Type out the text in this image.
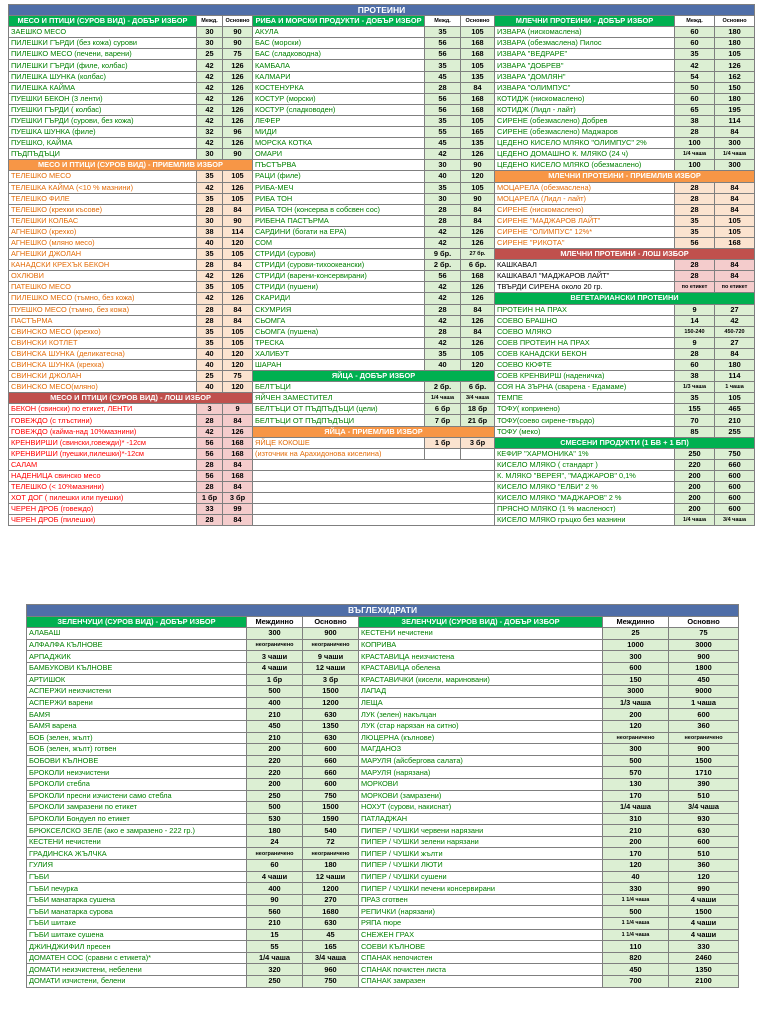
ПРОТЕИНИ								
МЕСО И ПТИЦИ (СУРОВ ВИД) - ДОБЪР ИЗБОР	Межд.	Основно	РИБА И МОРСКИ ПРОДУКТИ - ДОБЪР ИЗБОР	Межд.	Основно	МЛЕЧНИ ПРОТЕИНИ - ДОБЪР ИЗБОР	Межд.	Основно
ЗАЕШКО МЕСО	30	90	АКУЛА	35	105	ИЗВАРА (нискомаслена)	60	180
ПИЛЕШКИ ГЪРДИ (без кожа) сурови	30	90	БАС (морски)	56	168	ИЗВАРА (обезмаслена) Пилос	60	180
ПИЛЕШКО МЕСО (печени, варени)	25	75	БАС (сладководна)	56	168	ИЗВАРА "ВЕДРАРЕ"	35	105
ПИЛЕШКИ ГЪРДИ (филе, колбас)	42	126	КАМБАЛА	35	105	ИЗВАРА "ДОБРЕВ"	42	126
ПИЛЕШКА ШУНКА (колбас)	42	126	КАЛМАРИ	45	135	ИЗВАРА "ДОМЛЯН"	54	162
ПИЛЕШКА КАЙМА	42	126	КОСТЕНУРКА	28	84	ИЗВАРА "ОЛИМПУС"	50	150
ПУЕШКИ БЕКОН (3 ленти)	42	126	КОСТУР (морски)	56	168	КОТИДЖ (нискомаслено)	60	180
ПУЕШКИ ГЪРДИ ( колбас)	42	126	КОСТУР (сладководен)	56	168	КОТИДЖ (Лидл - лайт)	65	195
ПУЕШКИ ГЪРДИ (сурови, без кожа)	42	126	ЛЕФЕР	35	105	СИРЕНЕ (обезмаслено) Добрев	38	114
ПУЕШКА ШУНКА (филе)	32	96	МИДИ	55	165	СИРЕНЕ (обезмаслено) Маджаров	28	84
ПУЕШКО, КАЙМА	42	126	МОРСКА КОТКА	45	135	ЦЕДЕНО КИСЕЛО МЛЯКО "ОЛИМПУС" 2%	100	300
ПЪДПЪДЪЦИ	30	90	ОМАРИ	42	126	ЦЕДЕНО ДОМАШНО К. МЛЯКО (24 ч)	1/4 чаша	1/4 чаша
МЕСО И ПТИЦИ (СУРОВ ВИД) - ПРИЕМЛИВ ИЗБОР			ПЪСТЪРВА	30	90	ЦЕДЕНО КИСЕЛО МЛЯКО (обезмаслено)	100	300
ТЕЛЕШКО МЕСО	35	105	РАЦИ (филе)	40	120	МЛЕЧНИ ПРОТЕИНИ - ПРИЕМЛИВ ИЗБОР		
ТЕЛЕШКА КАЙМА (<10 % мазнини)	42	126	РИБА-МЕЧ	35	105	МОЦАРЕЛА (обезмаслена)	28	84
ТЕЛЕШКО ФИЛЕ	35	105	РИБА ТОН	30	90	МОЦАРЕЛА (Лидл - лайт)	28	84
ТЕЛЕШКО (крехки късове)	28	84	РИБА ТОН (консерва в собсвен сос)	28	84	СИРЕНЕ (нискомаслено)	28	84
ТЕЛЕШКИ КОЛБАС	30	90	РИБЕНА ПАСТЪРМА	28	84	СИРЕНЕ "МАДЖАРОВ ЛАЙТ"	35	105
АГНЕШКО (крехко)	38	114	САРДИНИ (богати на ЕРА)	42	126	СИРЕНЕ "ОЛИМПУС" 12%*	35	105
АГНЕШКО (мляно месо)	40	120	СОМ	42	126	СИРЕНЕ "РИКОТА"	56	168
АГНЕШКИ ДЖОЛАН	35	105	СТРИДИ (сурови)	9 бр.	27 бр.	МЛЕЧНИ ПРОТЕИНИ - ЛОШ ИЗБОР		
КАНАДСКИ КРЕХЪК БЕКОН	28	84	СТРИДИ (сурови-тихоокеански)	2 бр.	6 бр.	КАШКАВАЛ	28	84
ОХЛЮВИ	42	126	СТРИДИ (варени-консервирани)	56	168	КАШКАВАЛ "МАДЖАРОВ ЛАЙТ"	28	84
ПАТЕШКО МЕСО	35	105	СТРИДИ (пушени)	42	126	ТВЪРДИ СИРЕНА около 20 гр.	по етикет	по етикет
ПИЛЕШКО МЕСО (тъмно, без кожа)	42	126	СКАРИДИ	42	126	ВЕГЕТАРИАНСКИ ПРОТЕИНИ		
ПУЕШКО МЕСО (тъмно, без кожа)	28	84	СКУМРИЯ	28	84	ПРОТЕИН НА ПРАХ	9	27
ПАСТЪРМА	28	84	СЬОМГА	42	126	СОЕВО БРАШНО	14	42
СВИНСКО МЕСО (крехко)	35	105	СЬОМГА (пушена)	28	84	СОЕВО МЛЯКО	150-240	450-720
СВИНСКИ КОТЛЕТ	35	105	ТРЕСКА	42	126	СОЕВ ПРОТЕИН НА ПРАХ	9	27
СВИНСКА ШУНКА (деликатесна)	40	120	ХАЛИБУТ	35	105	СОЕВ КАНАДСКИ БЕКОН	28	84
СВИНСКА ШУНКА (крехка)	40	120	ШАРАН	40	120	СОЕВО КЮФТЕ	60	180
СВИНСКИ ДЖОЛАН	25	75	ЯЙЦА - ДОБЪР ИЗБОР			СОЕВ КРЕНВИРШ (наденичка)	38	114
СВИНСКО МЕСО(мляно)	40	120	БЕЛТЪЦИ	2 бр.	6 бр.	СОЯ НА ЗЪРНА (сварена - Едамаме)	1/3 чаша	1 чаша
МЕСО И ПТИЦИ (СУРОВ ВИД) - ЛОШ ИЗБОР			ЯЙЧЕН ЗАМЕСТИТЕЛ	1/4 чаша	3/4 чаша	ТЕМПЕ	35	105
БЕКОН (свински) по етикет, ЛЕНТИ	3	9	БЕЛТЪЦИ ОТ ПЪДПЪДЪЦИ (цели)	6 бр	18 бр	ТОФУ( копринено)	155	465
ГОВЕЖДО (с тлъстини)	28	84	БЕЛТЪЦИ ОТ ПЪДПЪДЪЦИ	7 бр	21 бр	ТОФУ(соево сирене-твърдо)	70	210
ГОВЕЖДО (кайма-над 10%мазнини)	42	126	ЯЙЦА - ПРИЕМЛИВ ИЗБОР			ТОФУ (меко)	85	255
КРЕНВИРШИ (свински,говежди)* -12см	56	168	ЯЙЦЕ КОКОШЕ	1 бр	3 бр	СМЕСЕНИ ПРОДУКТИ (1 БВ + 1 БП)		
КРЕНВИРШИ (пуешки,пилешки)*-12см	56	168	(източник на Арахидонова киселина)			КЕФИР "ХАРМОНИКА" 1%	250	750
САЛАМ	28	84				КИСЕЛО МЛЯКО ( стандарт )	220	660
НАДЕНИЦА свинско месо	56	168				К. МЛЯКО "ВЕРЕЯ", "МАДЖАРОВ" 0,1%	200	600
ТЕЛЕШКО (< 10%мазнини)	28	84				КИСЕЛО МЛЯКО "ЕЛБИ" 2 %	200	600
ХОТ ДОГ ( пилешки или пуешки)	1 бр	3 бр				КИСЕЛО МЛЯКО "МАДЖАРОВ" 2 %	200	600
ЧЕРЕН ДРОБ (говеждо)	33	99				ПРЯСНО МЛЯКО (1 % масленост)	200	600
ЧЕРЕН ДРОБ (пилешки)	28	84				КИСЕЛО МЛЯКО гръцко без мазнини	1/4 чаша	3/4 чаша
ВЪГЛЕХИДРАТИ					
ЗЕЛЕНЧУЦИ (СУРОВ ВИД) - ДОБЪР ИЗБОР	Междинно	Основно	ЗЕЛЕНЧУЦИ (СУРОВ ВИД) - ДОБЪР ИЗБОР	Междинно	Основно
АЛАБАШ	300	900	КЕСТЕНИ нечистени	25	75
АЛФАЛФА КЪЛНОВЕ	неограничено	неограничено	КОПРИВА	1000	3000
АРПАДЖИК	3 чаши	9 чаши	КРАСТАВИЦА неизчистена	300	900
БАМБУКОВИ КЪЛНОВЕ	4 чаши	12 чаши	КРАСТАВИЦА обелена	600	1800
АРТИШОК	1 бр	3 бр	КРАСТАВИЧКИ (кисели, мариновани)	150	450
АСПЕРЖИ неизчистени	500	1500	ЛАПАД	3000	9000
АСПЕРЖИ варени	400	1200	ЛЕЩА	1/3 чаша	1 чаша
БАМЯ	210	630	ЛУК (зелен) накълцан	200	600
БАМЯ варена	450	1350	ЛУК (стар нарязан на ситно)	120	360
БОБ (зелен, жълт)	210	630	ЛЮЦЕРНА (кълнове)	неограничено	неограничено
БОБ (зелен, жълт) готвен	200	600	МАГДАНОЗ	300	900
БОБОВИ КЪЛНОВЕ	220	660	МАРУЛЯ (айсбергова салата)	500	1500
БРОКОЛИ неизчистени	220	660	МАРУЛЯ (нарязана)	570	1710
БРОКОЛИ стебла	200	600	МОРКОВИ	130	390
БРОКОЛИ пресни изчистени само стебла	250	750	МОРКОВИ (замразени)	170	510
БРОКОЛИ замразени по етикет	500	1500	НОХУТ (сурови, накиснат)	1/4 чаша	3/4 чаша
БРОКОЛИ Бондуел по етикет	530	1590	ПАТЛАДЖАН	310	930
БРЮКСЕЛСКО ЗЕЛЕ (ако е замразено - 222 гр.)	180	540	ПИПЕР / ЧУШКИ червени нарязани	210	630
КЕСТЕНИ нечистени	24	72	ПИПЕР / ЧУШКИ зелени нарязани	200	600
ГРАДИНСКА ЖЪЛЧКА	неограничено	неограничено	ПИПЕР / ЧУШКИ жълти	170	510
ГУЛИЯ	60	180	ПИПЕР / ЧУШКИ ЛЮТИ	120	360
ГЪБИ	4 чаши	12 чаши	ПИПЕР / ЧУШКИ сушени	40	120
ГЪБИ печурка	400	1200	ПИПЕР / ЧУШКИ печени консервирани	330	990
ГЪБИ манатарка сушена	90	270	ПРАЗ сготвен	1 1/4 чаша	4 чаши
ГЪБИ манатарка сурова	560	1680	РЕПИЧКИ (нарязани)	500	1500
ГЪБИ шитаке	210	630	РЯПА пюре	1 1/4 чаша	4 чаши
ГЪБИ шитаке сушена	15	45	СНЕЖЕН ГРАХ	1 1/4 чаша	4 чаши
ДЖИНДЖИФИЛ пресен	55	165	СОЕВИ КЪЛНОВЕ	110	330
ДОМАТЕН СОС (сравни с етикета)*	1/4 чаша	3/4 чаша	СПАНАК непочистен	820	2460
ДОМАТИ неизчистени, небелени	320	960	СПАНАК почистен листа	450	1350
ДОМАТИ изчистени, белени	250	750	СПАНАК замразен	700	2100
